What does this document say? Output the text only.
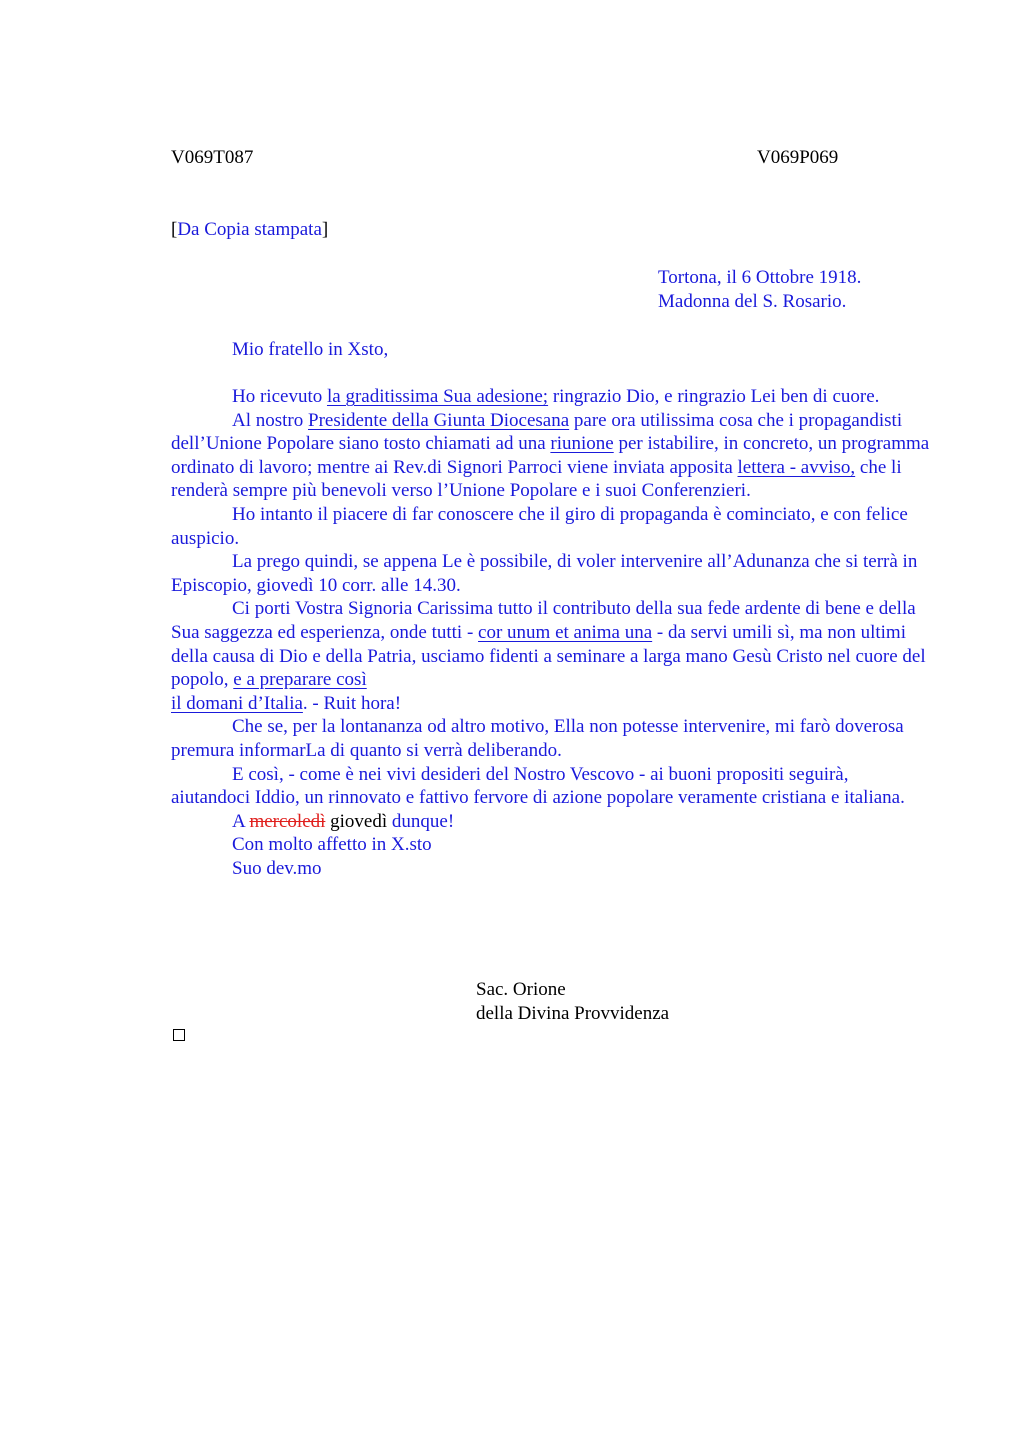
V069T087	V069P069
[Da Copia stampata]
Tortona, il 6 Ottobre 1918.
Madonna del S. Rosario.
Mio fratello in Xsto,

Ho ricevuto la graditissima Sua adesione; ringrazio Dio, e ringrazio Lei ben di cuore.

Al nostro Presidente della Giunta Diocesana pare ora utilissima cosa che i propagandisti dell’Unione Popolare siano tosto chiamati ad una riunione per istabilire, in concreto, un programma ordinato di lavoro; mentre ai Rev.di Signori Parroci viene inviata apposita lettera - avviso, che li renderà sempre più benevoli verso l’Unione Popolare e i suoi Conferenzieri.

Ho intanto il piacere di far conoscere che il giro di propaganda è cominciato, e con felice auspicio.

La prego quindi, se appena Le è possibile, di voler intervenire all’Adunanza che si terrà in Episcopio, giovedì 10 corr. alle 14.30.

Ci porti Vostra Signoria Carissima tutto il contributo della sua fede ardente di bene e della Sua saggezza ed esperienza, onde tutti - cor unum et anima una - da servi umili sì, ma non ultimi della causa di Dio e della Patria, usciamo fidenti a seminare a larga mano Gesù Cristo nel cuore del popolo, e a preparare così
il domani d’Italia. - Ruit hora!

Che se, per la lontananza od altro motivo, Ella non potesse intervenire, mi farò doverosa premura informarLa di quanto si verrà deliberando.

E così, - come è nei vivi desideri del Nostro Vescovo - ai buoni propositi seguirà, aiutandoci Iddio, un rinnovato e fattivo fervore di azione popolare veramente cristiana e italiana.

A mercoledì giovedì dunque!

Con molto affetto in X.sto

Suo dev.mo

Sac. Orione
della Divina Provvidenza
